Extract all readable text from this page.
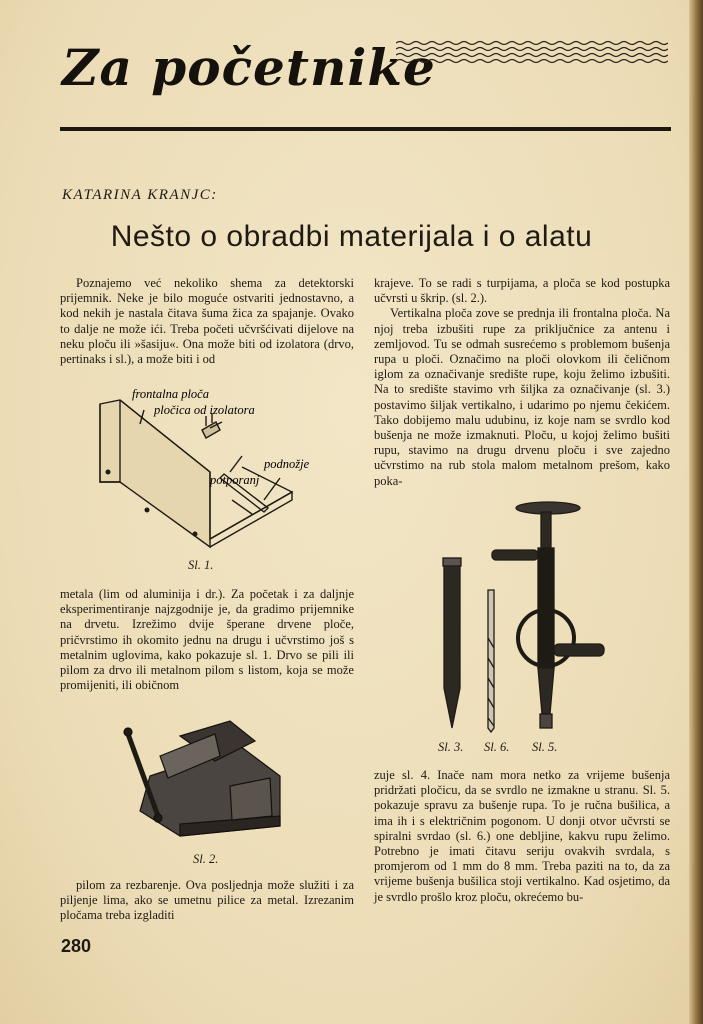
Za početnike
KATARINA KRANJC:
Nešto o obradbi materijala i o alatu

Poznajemo već nekoliko shema za detektorski prijemnik. Neke je bilo moguće ostvariti jednostavno, a kod nekih je nastala čitava šuma žica za spajanje. Ovako to dalje ne može ići. Treba početi učvršćivati dijelove na neku ploču ili »šasiju«. Ona može biti od izolatora (drvo, pertinaks i sl.), a može biti i od

frontalna ploča
pločica od izolatora
podnožje
potporanj
Sl. 1.

metala (lim od aluminija i dr.). Za početak i za daljnje eksperimentiranje najzgodnije je, da gradimo prijemnike na drvetu. Izrežimo dvije šperane drvene ploče, pričvrstimo ih okomito jednu na drugu i učvrstimo još s metalnim uglovima, kako pokazuje sl. 1. Drvo se pili ili pilom za drvo ili metalnom pilom s listom, koja se može promijeniti, ili običnom

Sl. 2.

pilom za rezbarenje. Ova posljednja može služiti i za piljenje lima, ako se umetnu pilice za metal. Izrezanim pločama treba izgladiti

krajeve. To se radi s turpijama, a ploča se kod postupka učvrsti u škrip. (sl. 2.).

Vertikalna ploča zove se prednja ili frontalna ploča. Na njoj treba izbušiti rupe za priključnice za antenu i zemljovod. Tu se odmah susrećemo s problemom bušenja rupa u ploči. Označimo na ploči olovkom ili čeličnom iglom za označivanje središte rupe, koju želimo izbušiti. Na to središte stavimo vrh šiljka za označivanje (sl. 3.) postavimo šiljak vertikalno, i udarimo po njemu čekićem. Tako dobijemo malu udubinu, iz koje nam se svrdlo kod bušenja ne može izmaknuti. Ploču, u kojoj želimo bušiti rupu, stavimo na drugu drvenu ploču i sve zajedno učvrstimo na rub stola malom metalnom prešom, kako poka-

Sl. 3. Sl. 6. Sl. 5.

zuje sl. 4. Inače nam mora netko za vrijeme bušenja pridržati pločicu, da se svrdlo ne izmakne u stranu. Sl. 5. pokazuje spravu za bušenje rupa. To je ručna bušilica, a ima ih i s električnim pogonom. U donji otvor učvrsti se spiralni svrdao (sl. 6.) one debljine, kakvu rupu želimo. Potrebno je imati čitavu seriju ovakvih svrdala, s promjerom od 1 mm do 8 mm. Treba paziti na to, da za vrijeme bušenja bušilica stoji vertikalno. Kad osjetimo, da je svrdlo prošlo kroz ploču, okrećemo bu-

280
